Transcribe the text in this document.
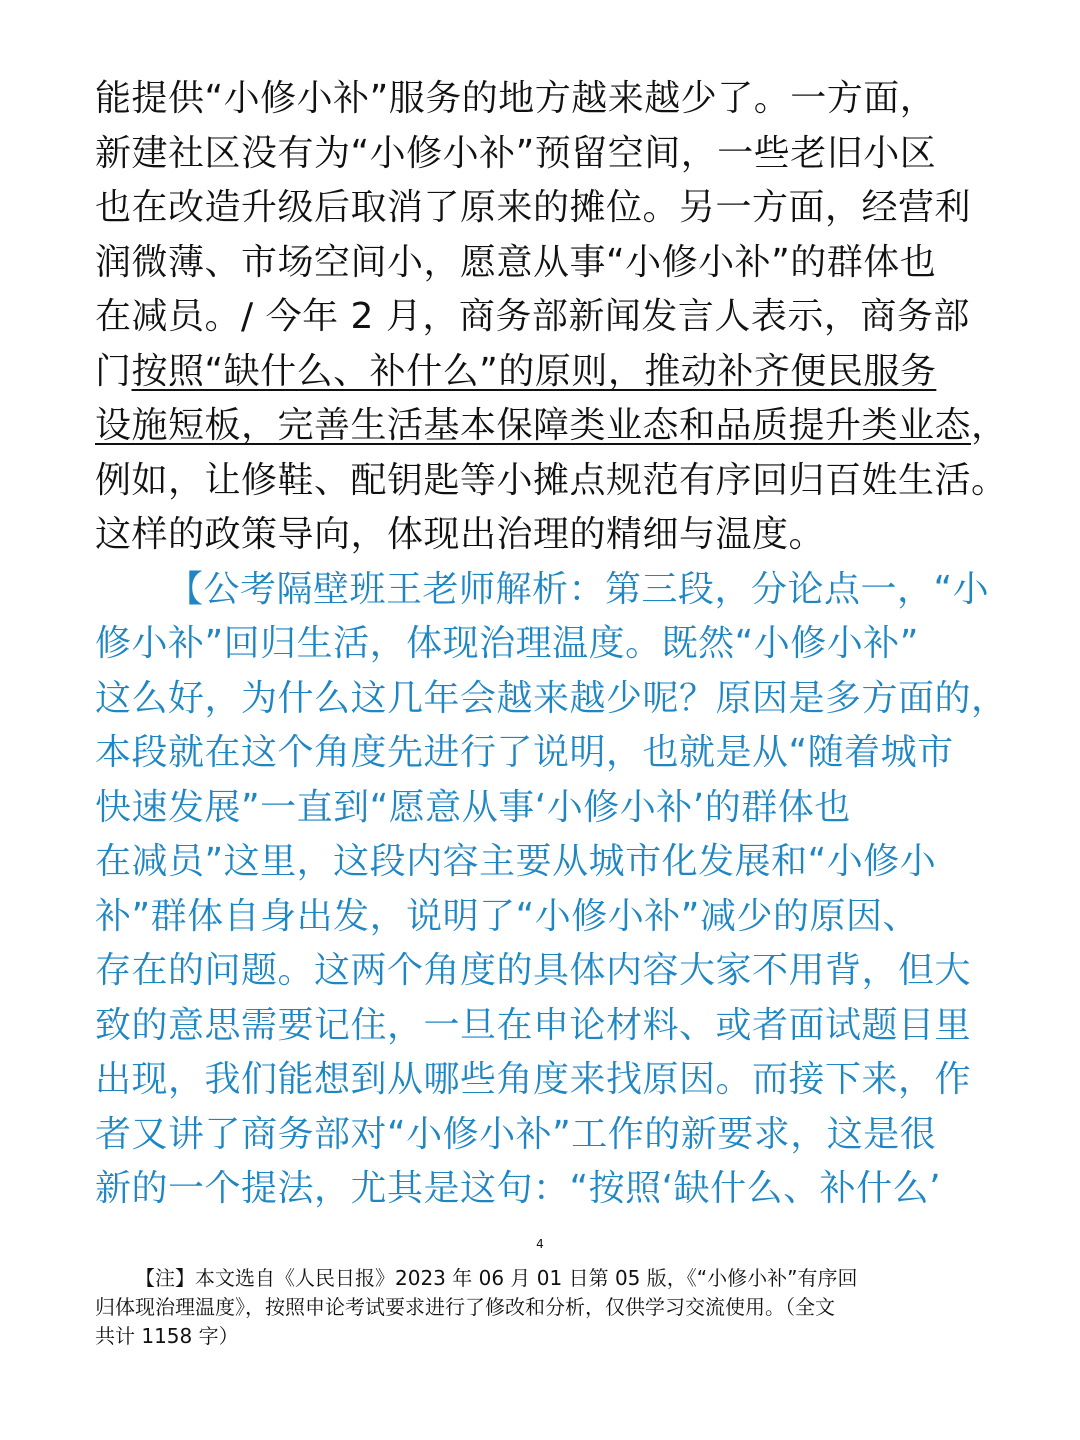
能提供“小修小补”服务的地方越来越少了。一方面，
新建社区没有为“小修小补”预留空间，一些老旧小区
也在改造升级后取消了原来的摊位。另一方面，经营利
润微薄、市场空间小，愿意从事“小修小补”的群体也
在减员。/ 今年 2 月，商务部新闻发言人表示，商务部
门按照“缺什么、补什么”的原则，推动补齐便民服务
设施短板，完善生活基本保障类业态和品质提升类业态，
例如，让修鞋、配钥匙等小摊点规范有序回归百姓生活。
这样的政策导向，体现出治理的精细与温度。
【公考隔壁班王老师解析：第三段，分论点一，“小
修小补”回归生活，体现治理温度。既然“小修小补”
这么好，为什么这几年会越来越少呢？原因是多方面的，
本段就在这个角度先进行了说明，也就是从“随着城市
快速发展”一直到“愿意从事‘小修小补’的群体也
在减员”这里，这段内容主要从城市化发展和“小修小
补”群体自身出发，说明了“小修小补”减少的原因、
存在的问题。这两个角度的具体内容大家不用背，但大
致的意思需要记住，一旦在申论材料、或者面试题目里
出现，我们能想到从哪些角度来找原因。而接下来，作
者又讲了商务部对“小修小补”工作的新要求，这是很
新的一个提法，尤其是这句：“按照‘缺什么、补什么’
4
【注】本文选自《人民日报》2023 年 06 月 01 日第 05 版，《“小修小补”有序回
归体现治理温度》，按照申论考试要求进行了修改和分析，仅供学习交流使用。（全文
共计 1158 字）
